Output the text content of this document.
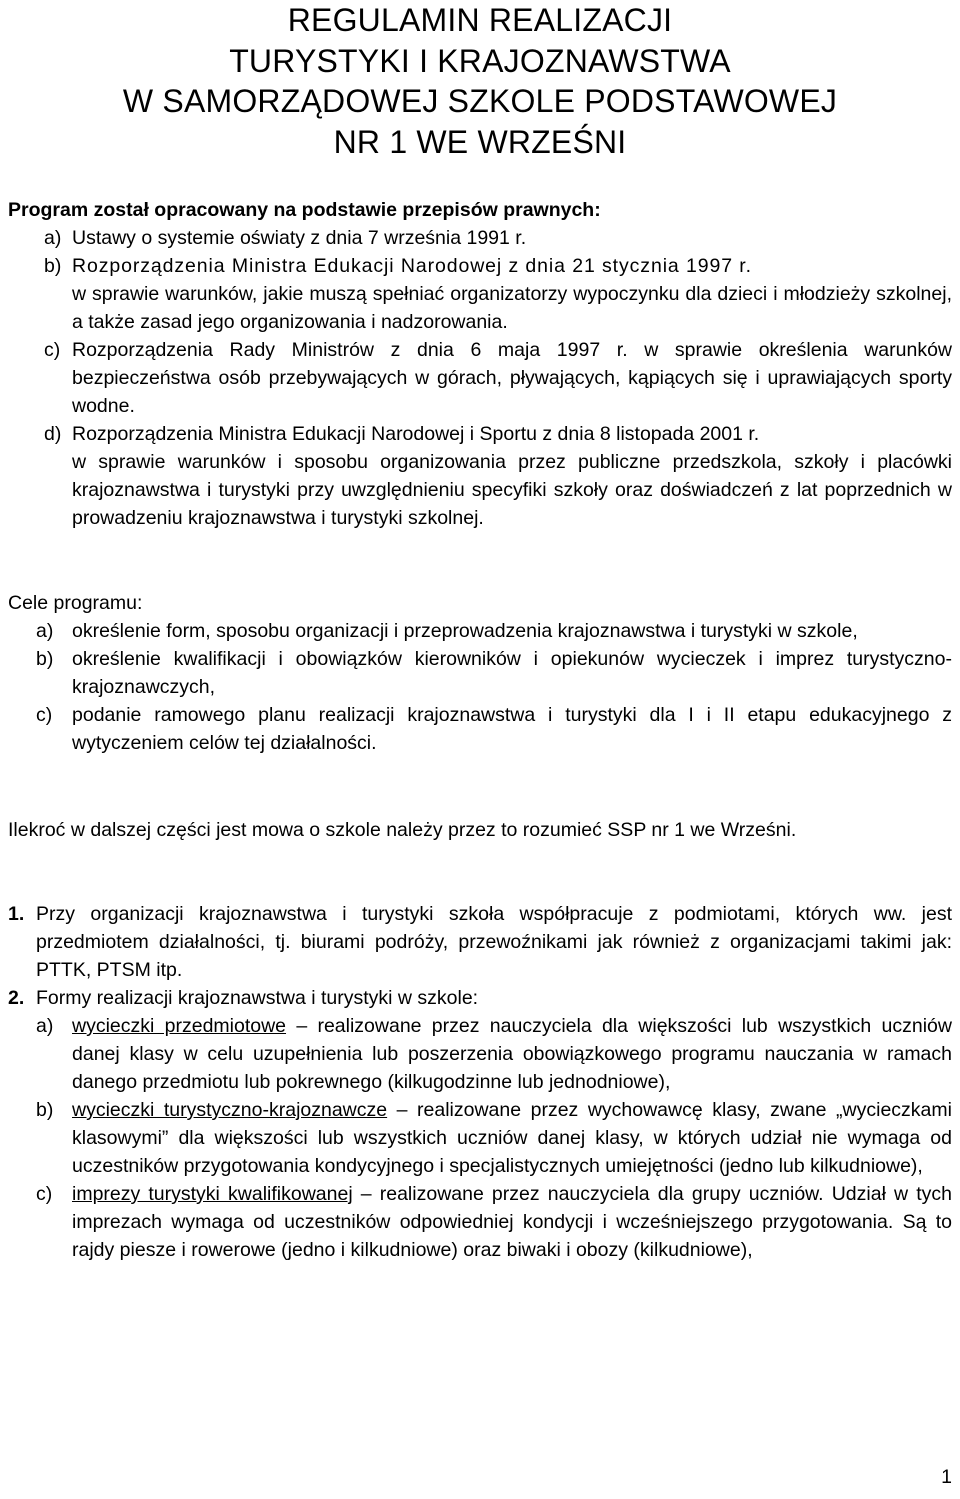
REGULAMIN REALIZACJI
TURYSTYKI I KRAJOZNAWSTWA
W SAMORZĄDOWEJ SZKOLE PODSTAWOWEJ
NR 1 WE WRZEŚNI

Program został opracowany na podstawie przepisów prawnych:

a) Ustawy o systemie oświaty z dnia 7 września 1991 r.
b) Rozporządzenia Ministra Edukacji Narodowej z dnia 21 stycznia 1997 r.
w sprawie warunków, jakie muszą spełniać organizatorzy wypoczynku dla dzieci i młodzieży szkolnej, a także zasad jego organizowania i nadzorowania.
c) Rozporządzenia Rady Ministrów z dnia 6 maja 1997 r. w sprawie określenia warunków bezpieczeństwa osób przebywających w górach, pływających, kąpiących się i uprawiających sporty wodne.
d) Rozporządzenia Ministra Edukacji Narodowej i Sportu z dnia 8 listopada 2001 r.
w sprawie warunków i sposobu organizowania przez publiczne przedszkola, szkoły i placówki krajoznawstwa i turystyki przy uwzględnieniu specyfiki szkoły oraz doświadczeń z lat poprzednich w prowadzeniu krajoznawstwa i turystyki szkolnej.

Cele programu:

a) określenie form, sposobu organizacji i przeprowadzenia krajoznawstwa i turystyki w szkole,
b) określenie kwalifikacji i obowiązków kierowników i opiekunów wycieczek i imprez turystyczno-krajoznawczych,
c) podanie ramowego planu realizacji krajoznawstwa i turystyki dla I i II etapu edukacyjnego z wytyczeniem celów tej działalności.

Ilekroć w dalszej części jest mowa o szkole należy przez to rozumieć SSP nr 1 we Wrześni.

1. Przy organizacji krajoznawstwa i turystyki szkoła współpracuje z podmiotami, których ww. jest przedmiotem działalności, tj. biurami podróży, przewoźnikami jak również z organizacjami takimi jak: PTTK, PTSM itp.
2. Formy realizacji krajoznawstwa i turystyki w szkole:
a) wycieczki przedmiotowe – realizowane przez nauczyciela dla większości lub wszystkich uczniów danej klasy w celu uzupełnienia lub poszerzenia obowiązkowego programu nauczania w ramach danego przedmiotu lub pokrewnego (kilkugodzinne lub jednodniowe),
b) wycieczki turystyczno-krajoznawcze – realizowane przez wychowawcę klasy, zwane „wycieczkami klasowymi” dla większości lub wszystkich uczniów danej klasy, w których udział nie wymaga od uczestników przygotowania kondycyjnego i specjalistycznych umiejętności (jedno lub kilkudniowe),
c) imprezy turystyki kwalifikowanej – realizowane przez nauczyciela dla grupy uczniów. Udział w tych imprezach wymaga od uczestników odpowiedniej kondycji i wcześniejszego przygotowania. Są to rajdy piesze i rowerowe (jedno i kilkudniowe) oraz biwaki i obozy (kilkudniowe),
1
